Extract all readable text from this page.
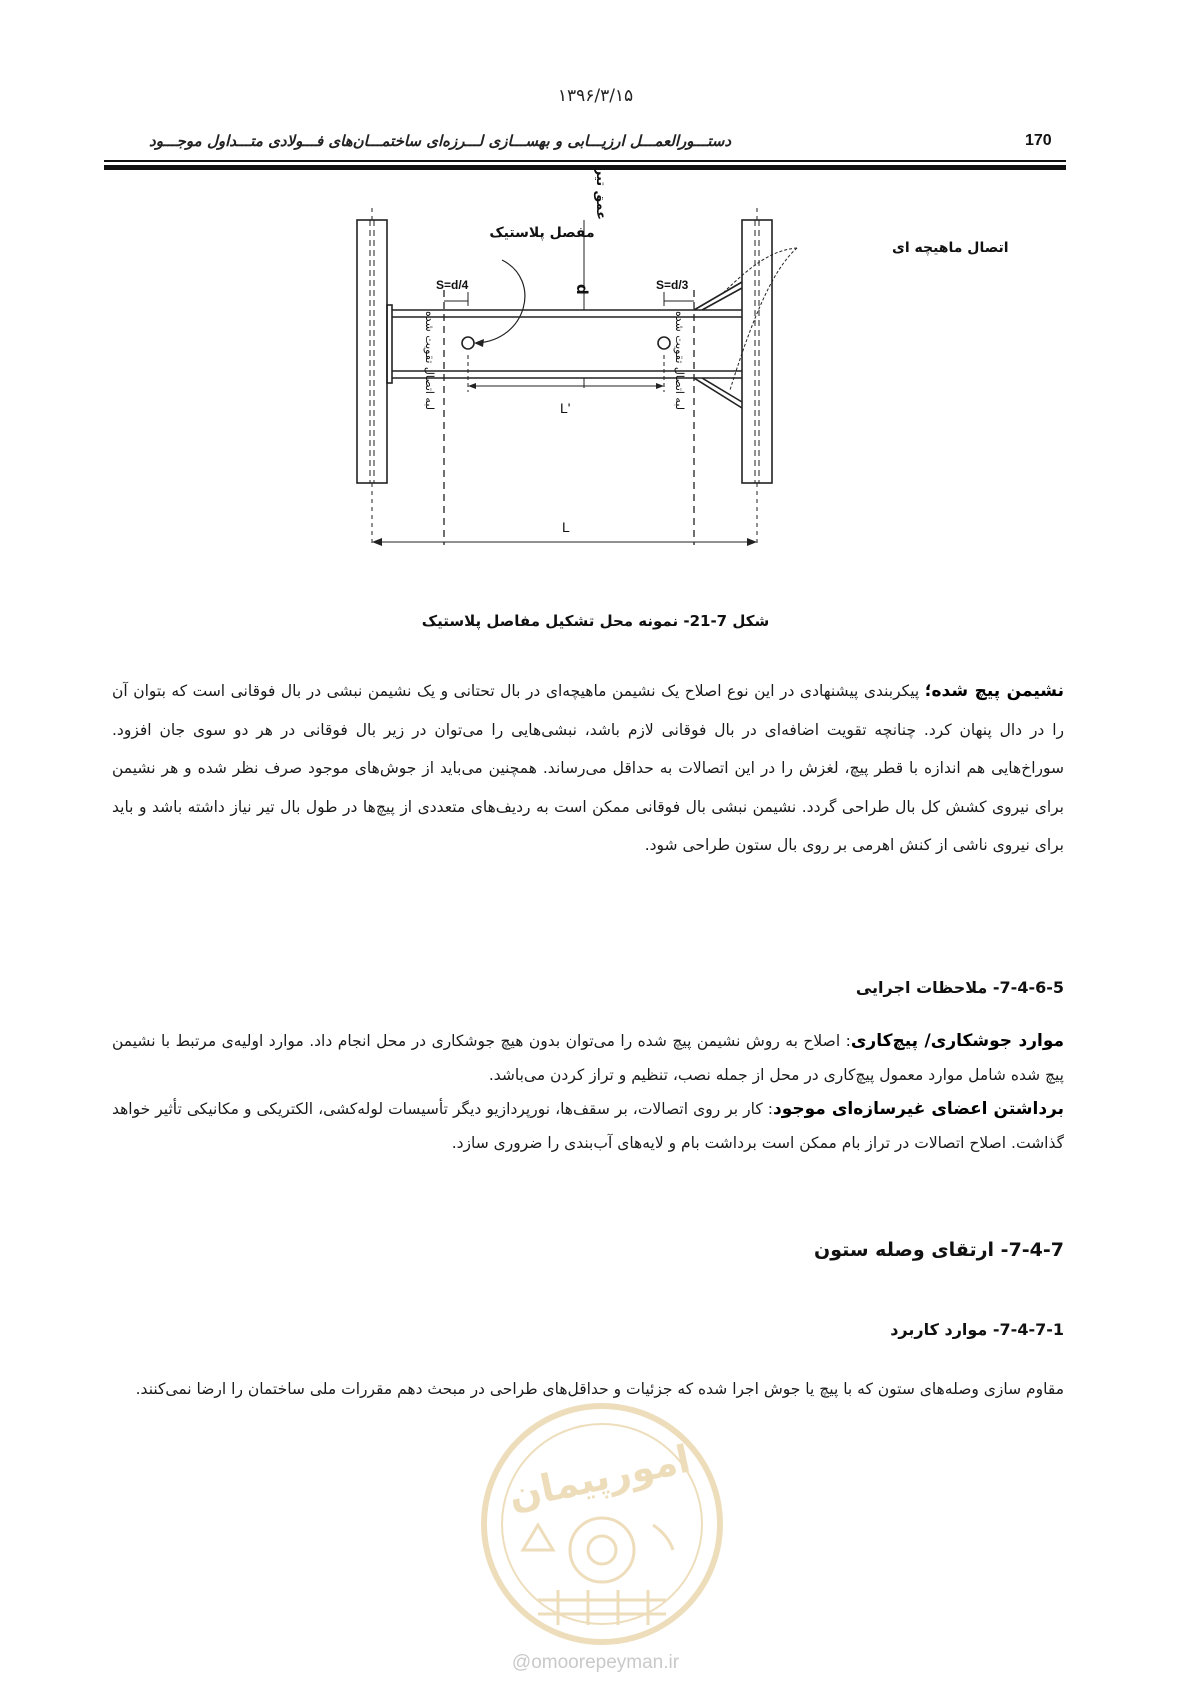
۱۳۹۶/۳/۱۵
دستـــورالعمـــل ارزیـــابی و بهســـازی لـــرزه‌ای ساختمـــان‌های فـــولادی متـــداول موجـــود	170
مفصل پلاستیک
عمق تیر
d
اتصال ماهیچه ای
S=d/4	S=d/3
L'
L
لبه اتصال تقویت شده	لبه اتصال تقویت شده
شکل 7-21- نمونه محل تشکیل مفاصل پلاستیک
نشیمن پیچ شده؛ پیکربندی پیشنهادی در این نوع اصلاح یک نشیمن ماهیچه‌ای در بال تحتانی و یک نشیمن نبشی در بال فوقانی است که بتوان آن را در دال پنهان کرد. چنانچه تقویت اضافه‌ای در بال فوقانی لازم باشد، نبشی‌هایی را می‌توان در زیر بال فوقانی در هر دو سوی جان افزود. سوراخ‌هایی هم اندازه با قطر پیچ، لغزش را در این اتصالات به حداقل می‌رساند. همچنین می‌باید از جوش‌های موجود صرف نظر شده و هر نشیمن برای نیروی کشش کل بال طراحی گردد. نشیمن نبشی بال فوقانی ممکن است به ردیف‌های متعددی از پیچ‌ها در طول بال تیر نیاز داشته باشد و باید برای نیروی ناشی از کنش اهرمی بر روی بال ستون طراحی شود.
7-4-6-5- ملاحظات اجرایی
موارد جوشکاری/ پیچ‌کاری: اصلاح به روش نشیمن پیچ شده را می‌توان بدون هیچ جوشکاری در محل انجام داد. موارد اولیه‌ی مرتبط با نشیمن پیچ شده شامل موارد معمول پیچ‌کاری در محل از جمله نصب، تنظیم و تراز کردن می‌باشد.
برداشتن اعضای غیرسازه‌ای موجود: کار بر روی اتصالات، بر سقف‌ها، نورپردازیو دیگر تأسیسات لوله‌کشی، الکتریکی و مکانیکی تأثیر خواهد گذاشت. اصلاح اتصالات در تراز بام ممکن است برداشت بام و لایه‌های آب‌بندی را ضروری سازد.
7-4-7- ارتقای وصله ستون
7-4-7-1- موارد کاربرد
مقاوم سازی وصله‌های ستون که با پیچ یا جوش اجرا شده که جزئیات و حداقل‌های طراحی در مبحث دهم مقررات ملی ساختمان را ارضا نمی‌کنند.
امورپیمان
@omoorepeyman.ir
